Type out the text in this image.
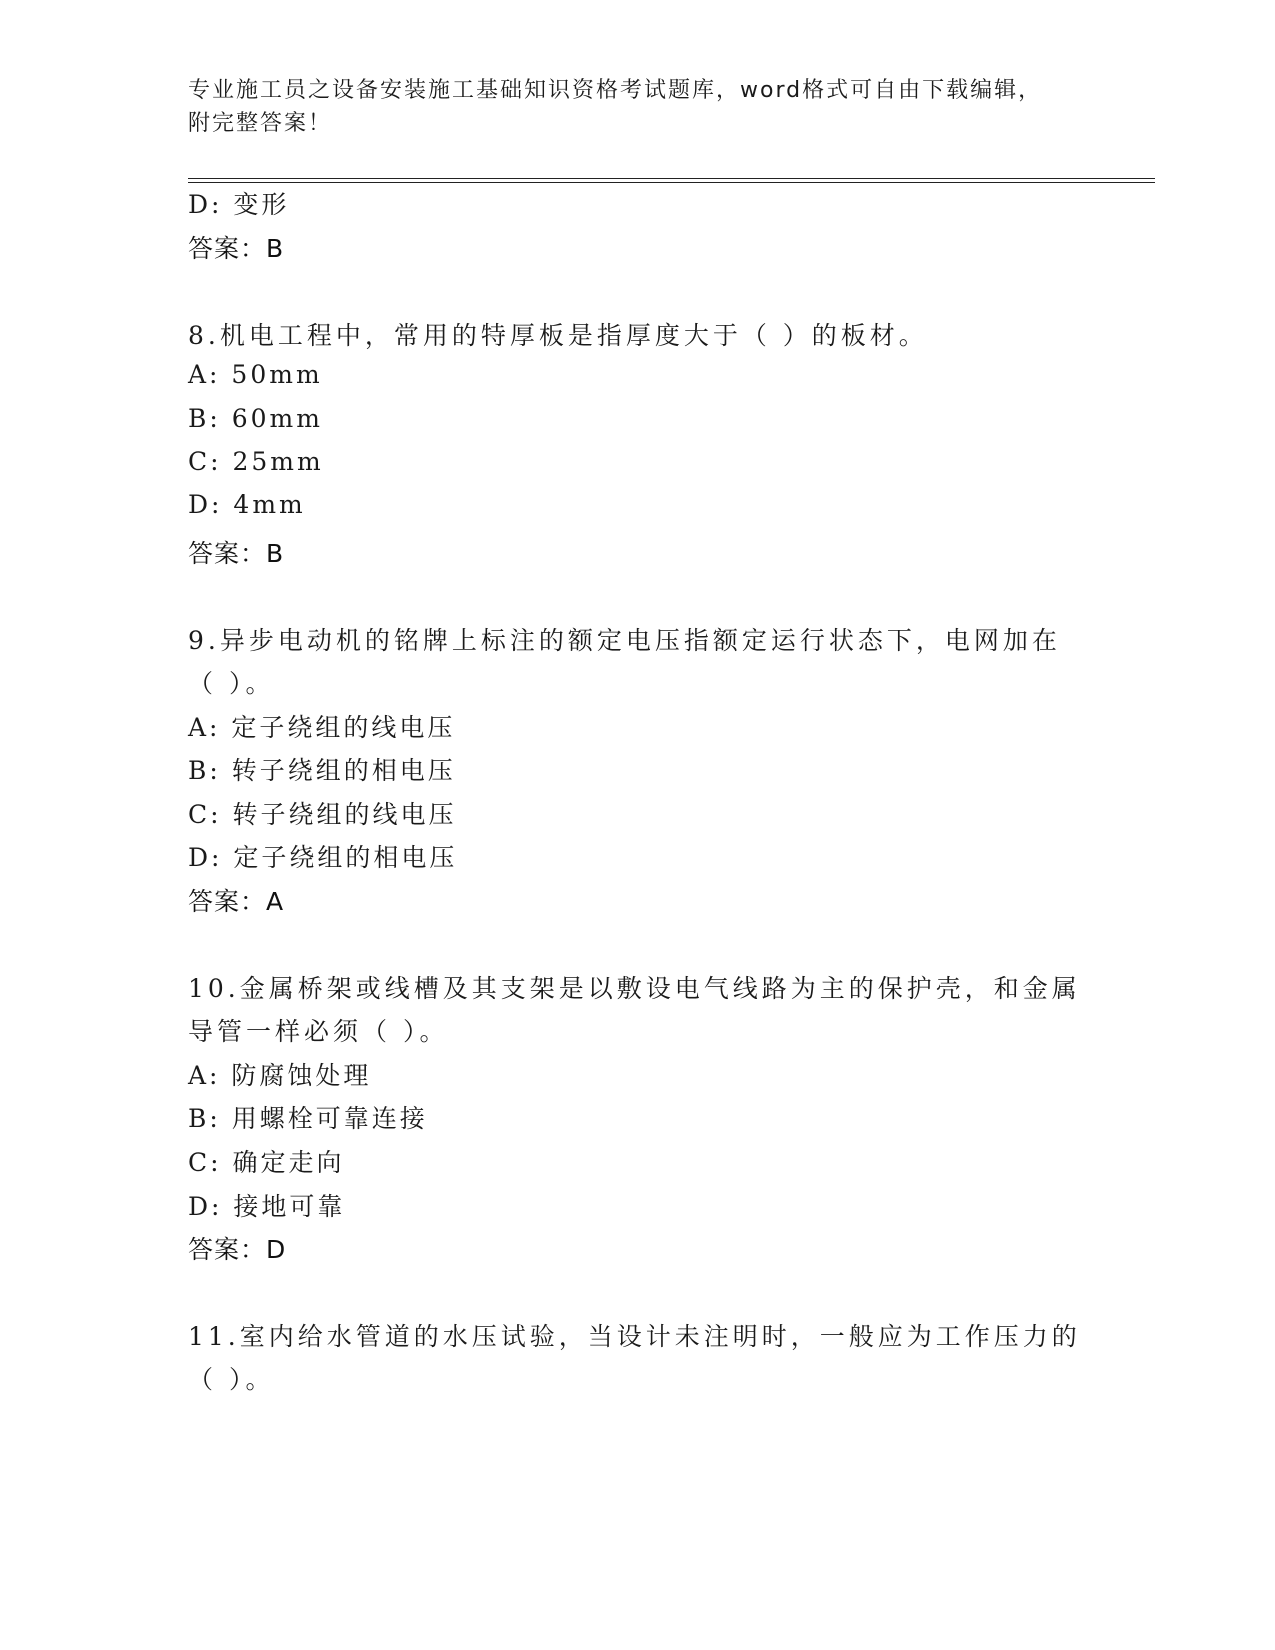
专业施工员之设备安装施工基础知识资格考试题库，word格式可自由下载编辑，
附完整答案！
D: 变形
答案：B
8.机电工程中，常用的特厚板是指厚度大于（ ）的板材。
A: 50mm
B: 60mm
C: 25mm
D: 4mm
答案：B
9.异步电动机的铭牌上标注的额定电压指额定运行状态下，电网加在
（ ）。
A: 定子绕组的线电压
B: 转子绕组的相电压
C: 转子绕组的线电压
D: 定子绕组的相电压
答案：A
10.金属桥架或线槽及其支架是以敷设电气线路为主的保护壳，和金属
导管一样必须（ ）。
A: 防腐蚀处理
B: 用螺栓可靠连接
C: 确定走向
D: 接地可靠
答案：D
11.室内给水管道的水压试验，当设计未注明时，一般应为工作压力的
（ ）。
